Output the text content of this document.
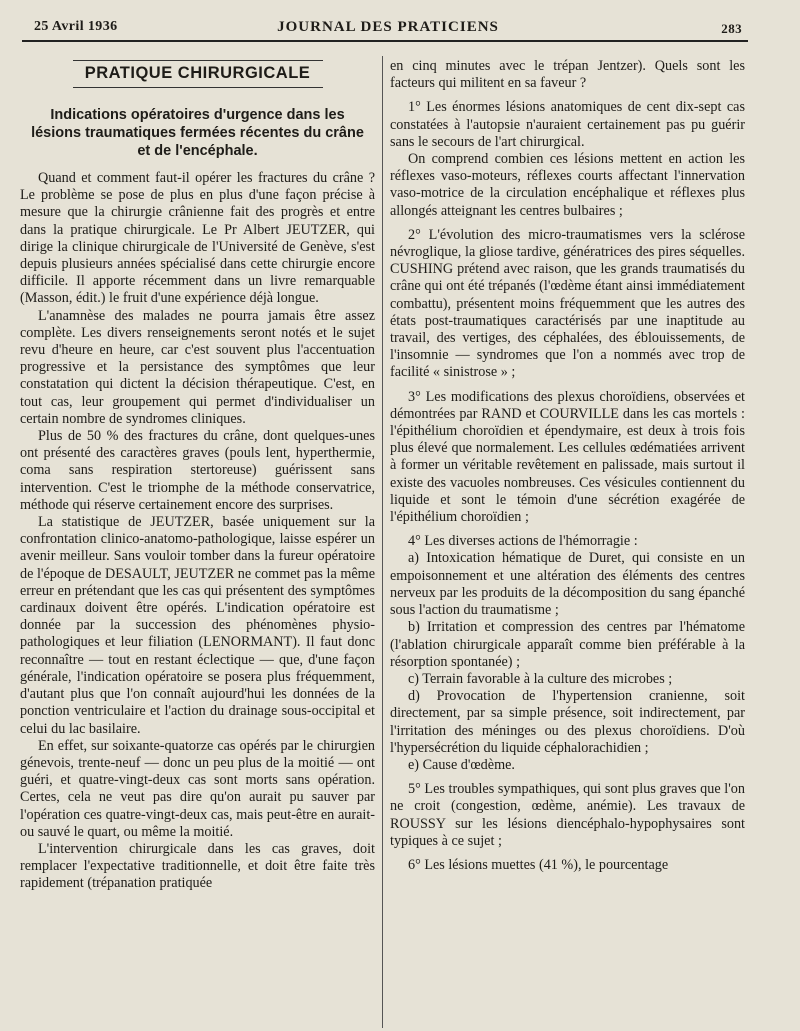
25 Avril 1936	JOURNAL DES PRATICIENS	283
PRATIQUE CHIRURGICALE
Indications opératoires d'urgence dans les lésions traumatiques fermées récentes du crâne et de l'encéphale.

Quand et comment faut-il opérer les fractures du crâne ? Le problème se pose de plus en plus d'une façon précise à mesure que la chirurgie crânienne fait des progrès et entre dans la pratique chirurgicale. Le Pr Albert JEUTZER, qui dirige la clinique chirurgicale de l'Université de Genève, s'est depuis plusieurs années spécialisé dans cette chirurgie encore difficile. Il apporte récemment dans un livre remarquable (Masson, édit.) le fruit d'une expérience déjà longue.

L'anamnèse des malades ne pourra jamais être assez complète. Les divers renseignements seront notés et le sujet revu d'heure en heure, car c'est souvent plus l'accentuation progressive et la persistance des symptômes que leur constatation qui dictent la décision thérapeutique. C'est, en tout cas, leur groupement qui permet d'individualiser un certain nombre de syndromes cliniques.

Plus de 50 % des fractures du crâne, dont quelques-unes ont présenté des caractères graves (pouls lent, hyperthermie, coma sans respiration stertoreuse) guérissent sans intervention. C'est le triomphe de la méthode conservatrice, méthode qui réserve certainement encore des surprises.

La statistique de JEUTZER, basée uniquement sur la confrontation clinico-anatomo-pathologique, laisse espérer un avenir meilleur. Sans vouloir tomber dans la fureur opératoire de l'époque de DESAULT, JEUTZER ne commet pas la même erreur en prétendant que les cas qui présentent des symptômes cardinaux doivent être opérés. L'indication opératoire est donnée par la succession des phénomènes physio-pathologiques et leur filiation (LENORMANT). Il faut donc reconnaître — tout en restant éclectique — que, d'une façon générale, l'indication opératoire se posera plus fréquemment, d'autant plus que l'on connaît aujourd'hui les données de la ponction ventriculaire et l'action du drainage sous-occipital et celui du lac basilaire.

En effet, sur soixante-quatorze cas opérés par le chirurgien génevois, trente-neuf — donc un peu plus de la moitié — ont guéri, et quatre-vingt-deux cas sont morts sans opération. Certes, cela ne veut pas dire qu'on aurait pu sauver par l'opération ces quatre-vingt-deux cas, mais peut-être en aurait-ou sauvé le quart, ou même la moitié.

L'intervention chirurgicale dans les cas graves, doit remplacer l'expectative traditionnelle, et doit être faite très rapidement (trépanation pratiquée

en cinq minutes avec le trépan Jentzer). Quels sont les facteurs qui militent en sa faveur ?

1° Les énormes lésions anatomiques de cent dix-sept cas constatées à l'autopsie n'auraient certainement pas pu guérir sans le secours de l'art chirurgical.

On comprend combien ces lésions mettent en action les réflexes vaso-moteurs, réflexes courts affectant l'innervation vaso-motrice de la circulation encéphalique et réflexes plus allongés atteignant les centres bulbaires ;

2° L'évolution des micro-traumatismes vers la sclérose névroglique, la gliose tardive, génératrices des pires séquelles. CUSHING prétend avec raison, que les grands traumatisés du crâne qui ont été trépanés (l'œdème étant ainsi immédiatement combattu), présentent moins fréquemment que les autres des états post-traumatiques caractérisés par une inaptitude au travail, des vertiges, des céphalées, des éblouissements, de l'insomnie — syndromes que l'on a nommés avec trop de facilité « sinistrose » ;

3° Les modifications des plexus choroïdiens, observées et démontrées par RAND et COURVILLE dans les cas mortels : l'épithélium choroïdien et épendymaire, est deux à trois fois plus élevé que normalement. Les cellules œdématiées arrivent à former un véritable revêtement en palissade, mais surtout il existe des vacuoles nombreuses. Ces vésicules contiennent du liquide et sont le témoin d'une sécrétion exagérée de l'épithélium choroïdien ;

4° Les diverses actions de l'hémorragie :

a) Intoxication hématique de Duret, qui consiste en un empoisonnement et une altération des éléments des centres nerveux par les produits de la décomposition du sang épanché sous l'action du traumatisme ;

b) Irritation et compression des centres par l'hématome (l'ablation chirurgicale apparaît comme bien préférable à la résorption spontanée) ;

c) Terrain favorable à la culture des microbes ;

d) Provocation de l'hypertension cranienne, soit directement, par sa simple présence, soit indirectement, par l'irritation des méninges ou des plexus choroïdiens. D'où l'hypersécrétion du liquide céphalorachidien ;

e) Cause d'œdème.

5° Les troubles sympathiques, qui sont plus graves que l'on ne croit (congestion, œdème, anémie). Les travaux de ROUSSY sur les lésions diencéphalo-hypophysaires sont typiques à ce sujet ;

6° Les lésions muettes (41 %), le pourcentage
